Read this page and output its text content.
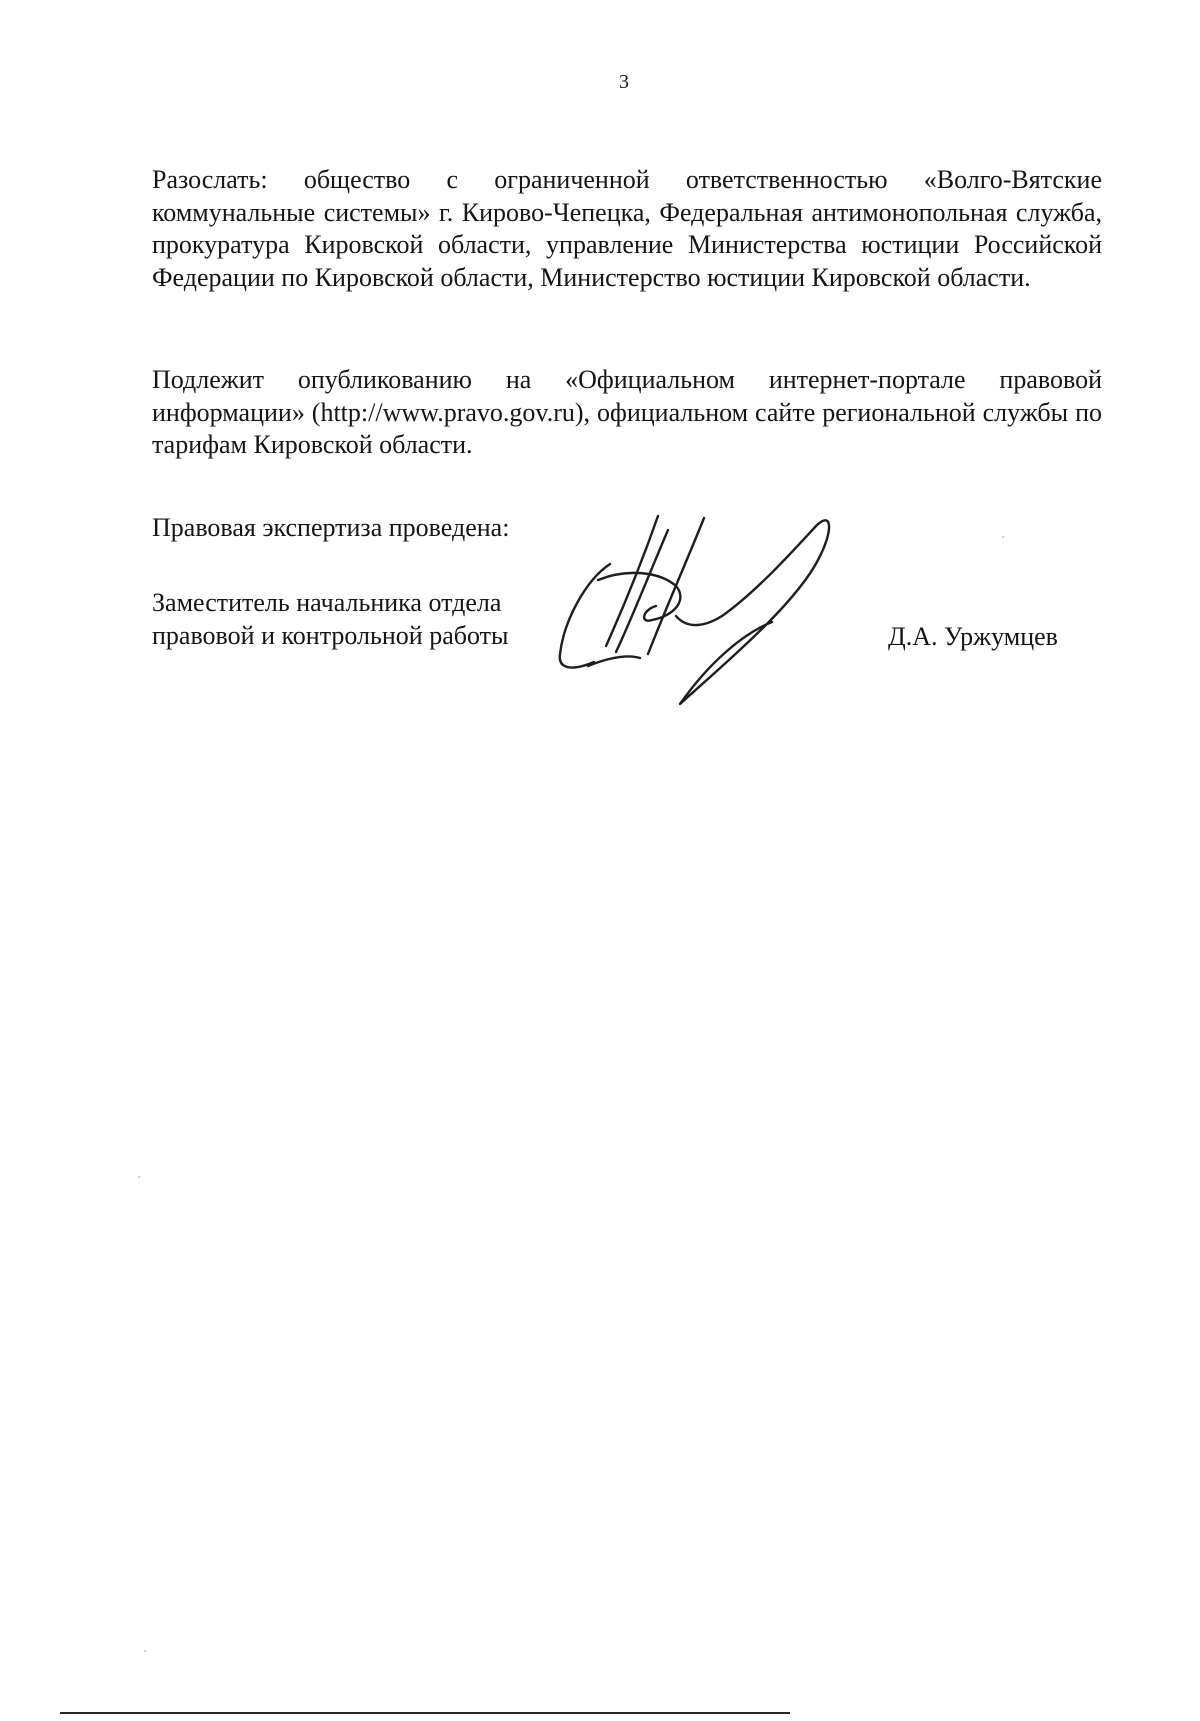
3

Разослать: общество с ограниченной ответственностью «Волго-Вятские коммунальные системы» г. Кирово-Чепецка, Федеральная антимонопольная служба, прокуратура Кировской области, управление Министерства юстиции Российской Федерации по Кировской области, Министерство юстиции Кировской области.

Подлежит опубликованию на «Официальном интернет-портале правовой информации» (http://www.pravo.gov.ru), официальном сайте региональной службы по тарифам Кировской области.

Правовая экспертиза проведена:

Заместитель начальника отдела
правовой и контрольной работы	Д.А. Уржумцев
